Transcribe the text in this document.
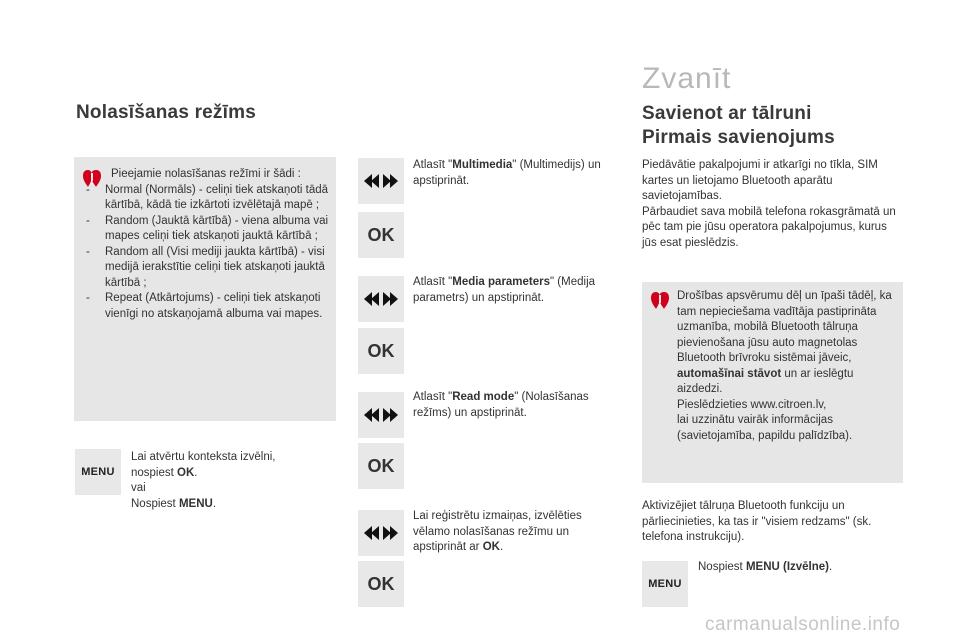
Nolasīšanas režīms
Pieejamie nolasīšanas režīmi ir šādi :
- Normal (Normāls) - celiņi tiek atskaņoti tādā kārtībā, kādā tie izkārtoti izvēlētajā mapē ;
- Random (Jauktā kārtībā) - viena albuma vai mapes celiņi tiek atskaņoti jauktā kārtībā ;
- Random all (Visi mediji jaukta kārtībā) - visi medijā ierakstītie celiņi tiek atskaņoti jauktā kārtībā ;
- Repeat (Atkārtojums) - celiņi tiek atskaņoti vienīgi no atskaņojamā albuma vai mapes.
MENU
Lai atvērtu konteksta izvēlni,
nospiest OK.
vai
Nospiest MENU.
OK
Atlasīt "Multimedia" (Multimedijs) un apstiprināt.
OK
Atlasīt "Media parameters" (Medija parametrs) un apstiprināt.
OK
Atlasīt "Read mode" (Nolasīšanas režīms) un apstiprināt.
OK
Lai reģistrētu izmaiņas, izvēlēties vēlamo nolasīšanas režīmu un apstiprināt ar OK.
Zvanīt
Savienot ar tālruni
Pirmais savienojums
Piedāvātie pakalpojumi ir atkarīgi no tīkla, SIM kartes un lietojamo Bluetooth aparātu savietojamības.
Pārbaudiet sava mobilā telefona rokasgrāmatā un pēc tam pie jūsu operatora pakalpojumus, kurus jūs esat pieslēdzis.
Drošības apsvērumu dēļ un īpaši tādēļ, ka tam nepieciešama vadītāja pastiprināta uzmanība, mobilā Bluetooth tālruņa pievienošana jūsu auto magnetolas Bluetooth brīvroku sistēmai jāveic, automašīnai stāvot un ar ieslēgtu aizdedzi.
Pieslēdzieties www.citroen.lv,
lai uzzinātu vairāk informācijas (savietojamība, papildu palīdzība).
Aktivizējiet tālruņa Bluetooth funkciju un pārliecinieties, ka tas ir "visiem redzams" (sk. telefona instrukciju).
MENU
Nospiest MENU (Izvēlne).
carmanualsonline.info
